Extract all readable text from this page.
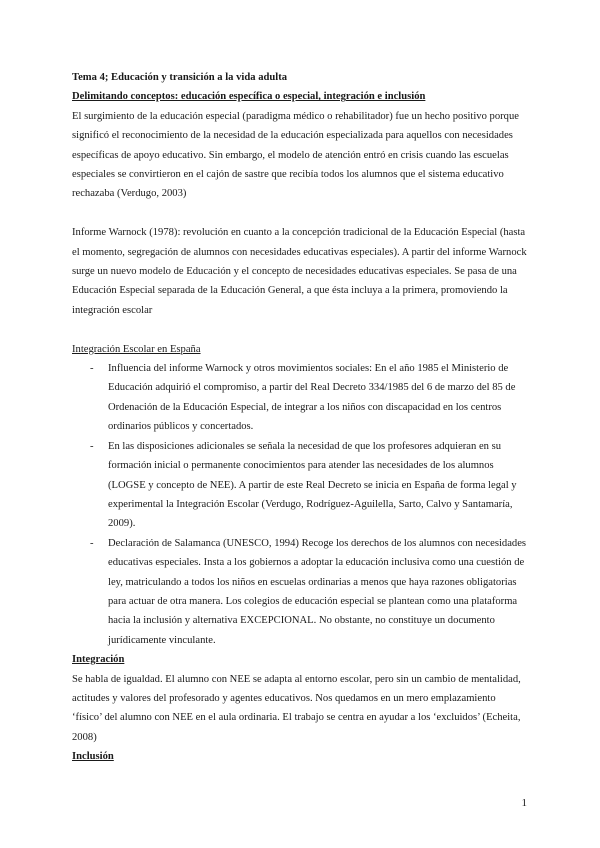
Tema 4; Educación y transición a la vida adulta

Delimitando conceptos: educación específica o especial, integración e inclusión

El surgimiento de la educación especial (paradigma médico o rehabilitador) fue un hecho positivo porque significó el reconocimiento de la necesidad de la educación especializada para aquellos con necesidades específicas de apoyo educativo. Sin embargo, el modelo de atención entró en crisis cuando las escuelas especiales se convirtieron en el cajón de sastre que recibía todos los alumnos que el sistema educativo rechazaba (Verdugo, 2003)

Informe Warnock (1978): revolución en cuanto a la concepción tradicional de la Educación Especial (hasta el momento, segregación de alumnos con necesidades educativas especiales). A partir del informe Warnock surge un nuevo modelo de Educación y el concepto de necesidades educativas especiales. Se pasa de una Educación Especial separada de la Educación General, a que ésta incluya a la primera, promoviendo la integración escolar

Integración Escolar en España

- Influencia del informe Warnock y otros movimientos sociales: En el año 1985 el Ministerio de Educación adquirió el compromiso, a partir del Real Decreto 334/1985 del 6 de marzo del 85 de Ordenación de la Educación Especial, de integrar a los niños con discapacidad en los centros ordinarios públicos y concertados.
- En las disposiciones adicionales se señala la necesidad de que los profesores adquieran en su formación inicial o permanente conocimientos para atender las necesidades de los alumnos (LOGSE y concepto de NEE). A partir de este Real Decreto se inicia en España de forma legal y experimental la Integración Escolar (Verdugo, Rodríguez-Aguilella, Sarto, Calvo y Santamaría, 2009).
- Declaración de Salamanca (UNESCO, 1994) Recoge los derechos de los alumnos con necesidades educativas especiales. Insta a los gobiernos a adoptar la educación inclusiva como una cuestión de ley, matriculando a todos los niños en escuelas ordinarias a menos que haya razones obligatorias para actuar de otra manera. Los colegios de educación especial se plantean como una plataforma hacia la inclusión y alternativa EXCEPCIONAL. No obstante, no constituye un documento jurídicamente vinculante.

Integración

Se habla de igualdad. El alumno con NEE se adapta al entorno escolar, pero sin un cambio de mentalidad, actitudes y valores del profesorado y agentes educativos. Nos quedamos en un mero emplazamiento ‘físico’ del alumno con NEE en el aula ordinaria. El trabajo se centra en ayudar a los ‘excluidos’ (Echeita, 2008)

Inclusión

1
